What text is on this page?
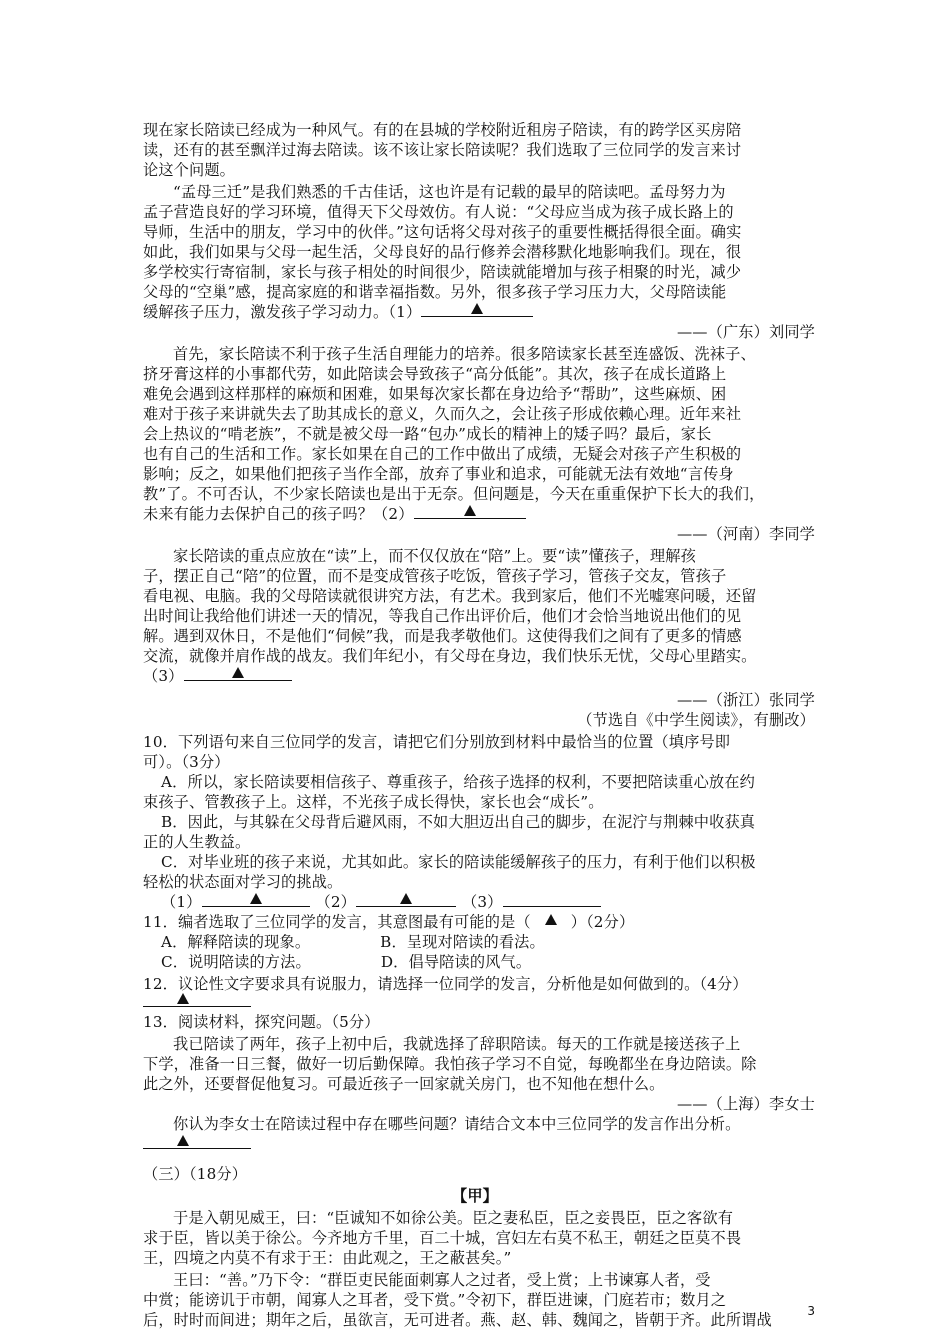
现在家长陪读已经成为一种风气。有的在县城的学校附近租房子陪读，有的跨学区买房陪
读，还有的甚至飘洋过海去陪读。该不该让家长陪读呢？我们选取了三位同学的发言来讨
论这个问题。
“孟母三迁”是我们熟悉的千古佳话，这也许是有记载的最早的陪读吧。孟母努力为
孟子营造良好的学习环境，值得天下父母效仿。有人说：“父母应当成为孩子成长路上的
导师，生活中的朋友，学习中的伙伴。”这句话将父母对孩子的重要性概括得很全面。确实
如此，我们如果与父母一起生活，父母良好的品行修养会潜移默化地影响我们。现在，很
多学校实行寄宿制，家长与孩子相处的时间很少，陪读就能增加与孩子相聚的时光，减少
父母的“空巢”感，提高家庭的和谐幸福指数。另外，很多孩子学习压力大，父母陪读能
缓解孩子压力，激发孩子学习动力。（1）
——（广东）刘同学
首先，家长陪读不利于孩子生活自理能力的培养。很多陪读家长甚至连盛饭、洗袜子、
挤牙膏这样的小事都代劳，如此陪读会导致孩子“高分低能”。其次，孩子在成长道路上
难免会遇到这样那样的麻烦和困难，如果每次家长都在身边给予“帮助”，这些麻烦、困
难对于孩子来讲就失去了助其成长的意义，久而久之，会让孩子形成依赖心理。近年来社
会上热议的“啃老族”，不就是被父母一路“包办”成长的精神上的矮子吗？最后，家长
也有自己的生活和工作。家长如果在自己的工作中做出了成绩，无疑会对孩子产生积极的
影响；反之，如果他们把孩子当作全部，放弃了事业和追求，可能就无法有效地“言传身
教”了。不可否认，不少家长陪读也是出于无奈。但问题是，今天在重重保护下长大的我们，
未来有能力去保护自己的孩子吗？（2）
——（河南）李同学
家长陪读的重点应放在“读”上，而不仅仅放在“陪”上。要“读”懂孩子，理解孩
子，摆正自己“陪”的位置，而不是变成管孩子吃饭，管孩子学习，管孩子交友，管孩子
看电视、电脑。我的父母陪读就很讲究方法，有艺术。我到家后，他们不光嘘寒问暖，还留
出时间让我给他们讲述一天的情况，等我自己作出评价后，他们才会恰当地说出他们的见
解。遇到双休日，不是他们“伺候”我，而是我孝敬他们。这使得我们之间有了更多的情感
交流，就像并肩作战的战友。我们年纪小，有父母在身边，我们快乐无忧，父母心里踏实。
（3）
——（浙江）张同学
（节选自《中学生阅读》，有删改）
10．下列语句来自三位同学的发言，请把它们分别放到材料中最恰当的位置（填序号即
可）。（3分）
A．所以，家长陪读要相信孩子、尊重孩子，给孩子选择的权利，不要把陪读重心放在约
束孩子、管教孩子上。这样，不光孩子成长得快，家长也会“成长”。
B．因此，与其躲在父母背后避风雨，不如大胆迈出自己的脚步，在泥泞与荆棘中收获真
正的人生教益。
C．对毕业班的孩子来说，尤其如此。家长的陪读能缓解孩子的压力，有利于他们以积极
轻松的状态面对学习的挑战。
（1）	（2）	（3）
11．编者选取了三位同学的发言，其意图最有可能的是（	）（2分）
A．解释陪读的现象。	B．呈现对陪读的看法。
C．说明陪读的方法。	D．倡导陪读的风气。
12．议论性文字要求具有说服力，请选择一位同学的发言，分析他是如何做到的。（4分）
13．阅读材料，探究问题。（5分）
我已陪读了两年，孩子上初中后，我就选择了辞职陪读。每天的工作就是接送孩子上
下学，准备一日三餐，做好一切后勤保障。我怕孩子学习不自觉，每晚都坐在身边陪读。除
此之外，还要督促他复习。可最近孩子一回家就关房门，也不知他在想什么。
——（上海）李女士
你认为李女士在陪读过程中存在哪些问题？请结合文本中三位同学的发言作出分析。
（三）（18分）
【甲】
于是入朝见威王，曰：“臣诚知不如徐公美。臣之妻私臣，臣之妾畏臣，臣之客欲有
求于臣，皆以美于徐公。今齐地方千里，百二十城，宫妇左右莫不私王，朝廷之臣莫不畏
王，四境之内莫不有求于王：由此观之，王之蔽甚矣。”
王曰：“善。”乃下令：“群臣吏民能面刺寡人之过者，受上赏；上书谏寡人者，受
中赏；能谤讥于市朝，闻寡人之耳者，受下赏。”令初下，群臣进谏，门庭若市；数月之
后，时时而间进；期年之后，虽欲言，无可进者。燕、赵、韩、魏闻之，皆朝于齐。此所谓战	3
